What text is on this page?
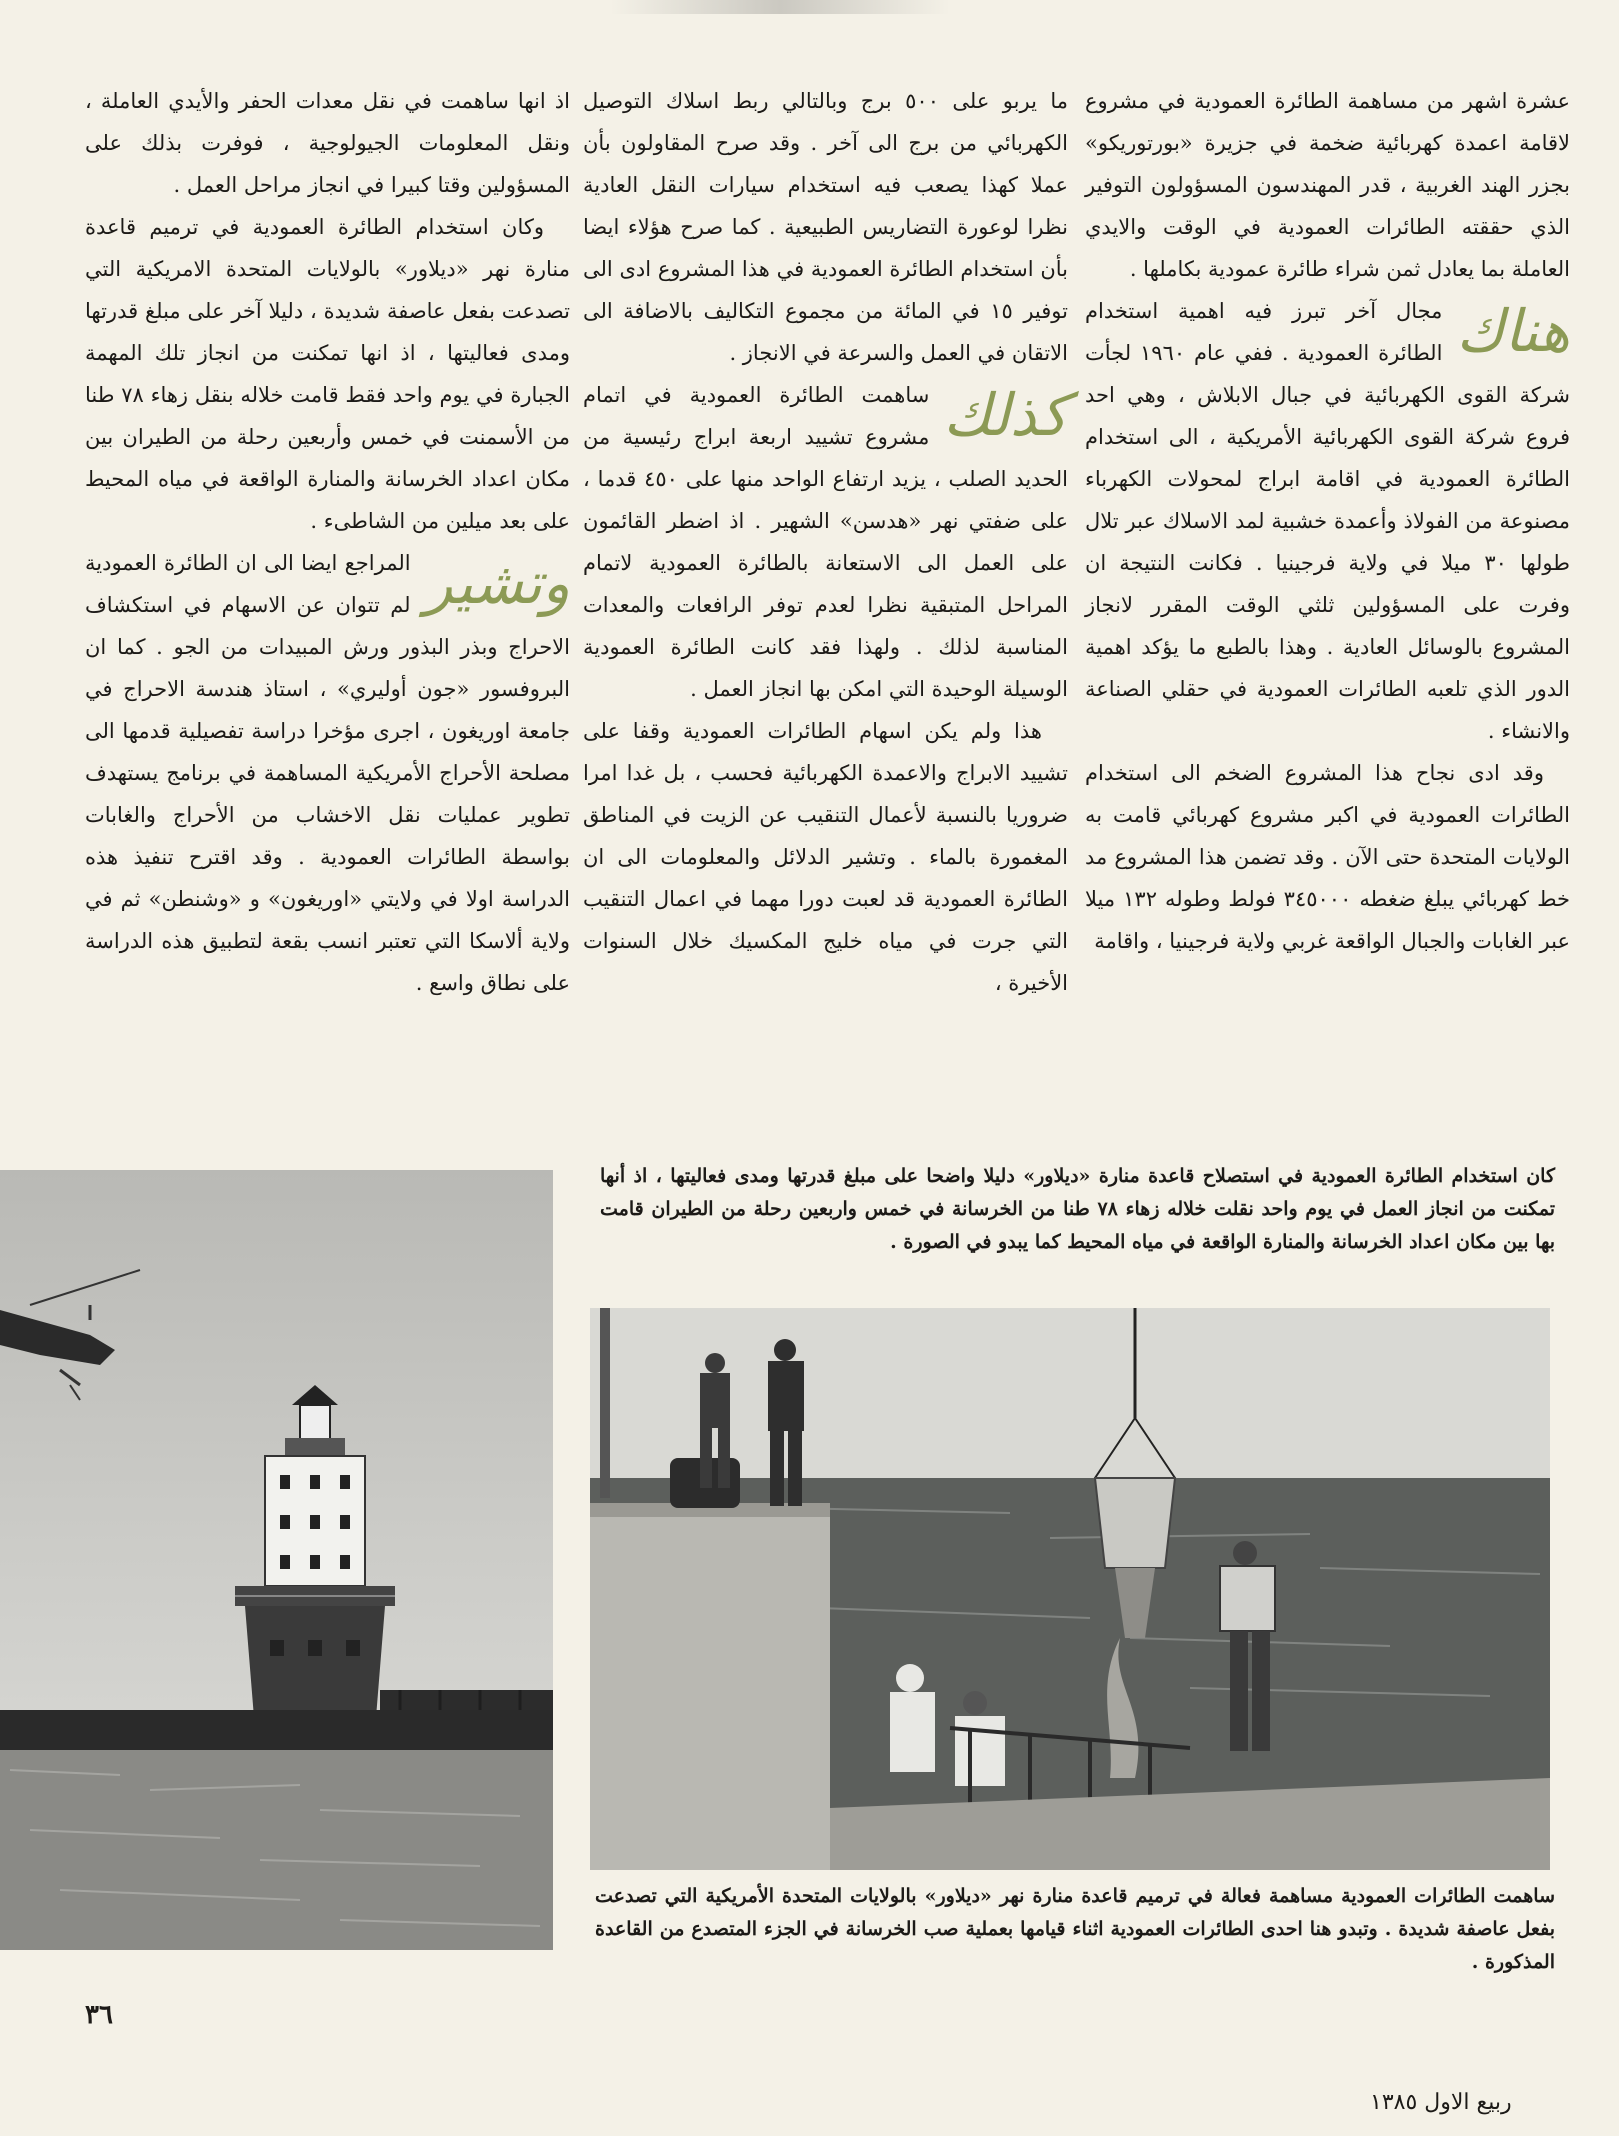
عشرة اشهر من مساهمة الطائرة العمودية في مشروع لاقامة اعمدة كهربائية ضخمة في جزيرة «بورتوريكو» بجزر الهند الغربية ، قدر المهندسون المسؤولون التوفير الذي حققته الطائرات العمودية في الوقت والايدي العاملة بما يعادل ثمن شراء طائرة عمودية بكاملها .

هناك

مجال آخر تبرز فيه اهمية استخدام الطائرة العمودية . ففي عام ١٩٦٠ لجأت شركة القوى الكهربائية في جبال الابلاش ، وهي احد فروع شركة القوى الكهربائية الأمريكية ، الى استخدام الطائرة العمودية في اقامة ابراج لمحولات الكهرباء مصنوعة من الفولاذ وأعمدة خشبية لمد الاسلاك عبر تلال طولها ٣٠ ميلا في ولاية فرجينيا . فكانت النتيجة ان وفرت على المسؤولين ثلثي الوقت المقرر لانجاز المشروع بالوسائل العادية . وهذا بالطبع ما يؤكد اهمية الدور الذي تلعبه الطائرات العمودية في حقلي الصناعة والانشاء .

وقد ادى نجاح هذا المشروع الضخم الى استخدام الطائرات العمودية في اكبر مشروع كهربائي قامت به الولايات المتحدة حتى الآن . وقد تضمن هذا المشروع مد خط كهربائي يبلغ ضغطه ٣٤٥٠٠٠ فولط وطوله ١٣٢ ميلا عبر الغابات والجبال الواقعة غربي ولاية فرجينيا ، واقامة

ما يربو على ٥٠٠ برج وبالتالي ربط اسلاك التوصيل الكهربائي من برج الى آخر . وقد صرح المقاولون بأن عملا كهذا يصعب فيه استخدام سيارات النقل العادية نظرا لوعورة التضاريس الطبيعية . كما صرح هؤلاء ايضا بأن استخدام الطائرة العمودية في هذا المشروع ادى الى توفير ١٥ في المائة من مجموع التكاليف بالاضافة الى الاتقان في العمل والسرعة في الانجاز .

كذلك

ساهمت الطائرة العمودية في اتمام مشروع تشييد اربعة ابراج رئيسية من الحديد الصلب ، يزيد ارتفاع الواحد منها على ٤٥٠ قدما ، على ضفتي نهر «هدسن» الشهير . اذ اضطر القائمون على العمل الى الاستعانة بالطائرة العمودية لاتمام المراحل المتبقية نظرا لعدم توفر الرافعات والمعدات المناسبة لذلك . ولهذا فقد كانت الطائرة العمودية الوسيلة الوحيدة التي امكن بها انجاز العمل .

هذا ولم يكن اسهام الطائرات العمودية وقفا على تشييد الابراج والاعمدة الكهربائية فحسب ، بل غدا امرا ضروريا بالنسبة لأعمال التنقيب عن الزيت في المناطق المغمورة بالماء . وتشير الدلائل والمعلومات الى ان الطائرة العمودية قد لعبت دورا مهما في اعمال التنقيب التي جرت في مياه خليج المكسيك خلال السنوات الأخيرة ،

اذ انها ساهمت في نقل معدات الحفر والأيدي العاملة ، ونقل المعلومات الجيولوجية ، فوفرت بذلك على المسؤولين وقتا كبيرا في انجاز مراحل العمل .

وكان استخدام الطائرة العمودية في ترميم قاعدة منارة نهر «ديلاور» بالولايات المتحدة الامريكية التي تصدعت بفعل عاصفة شديدة ، دليلا آخر على مبلغ قدرتها ومدى فعاليتها ، اذ انها تمكنت من انجاز تلك المهمة الجبارة في يوم واحد فقط قامت خلاله بنقل زهاء ٧٨ طنا من الأسمنت في خمس وأربعين رحلة من الطيران بين مكان اعداد الخرسانة والمنارة الواقعة في مياه المحيط على بعد ميلين من الشاطىء .

وتشير

المراجع ايضا الى ان الطائرة العمودية لم تتوان عن الاسهام في استكشاف الاحراج وبذر البذور ورش المبيدات من الجو . كما ان البروفسور «جون أوليري» ، استاذ هندسة الاحراج في جامعة اوريغون ، اجرى مؤخرا دراسة تفصيلية قدمها الى مصلحة الأحراج الأمريكية المساهمة في برنامج يستهدف تطوير عمليات نقل الاخشاب من الأحراج والغابات بواسطة الطائرات العمودية . وقد اقترح تنفيذ هذه الدراسة اولا في ولايتي «اوريغون» و «وشنطن» ثم في ولاية ألاسكا التي تعتبر انسب بقعة لتطبيق هذه الدراسة على نطاق واسع .

كان استخدام الطائرة العمودية في استصلاح قاعدة منارة «ديلاور» دليلا واضحا على مبلغ قدرتها ومدى فعاليتها ، اذ أنها تمكنت من انجاز العمل في يوم واحد نقلت خلاله زهاء ٧٨ طنا من الخرسانة في خمس واربعين رحلة من الطيران قامت بها بين مكان اعداد الخرسانة والمنارة الواقعة في مياه المحيط كما يبدو في الصورة .
ساهمت الطائرات العمودية مساهمة فعالة في ترميم قاعدة منارة نهر «ديلاور» بالولايات المتحدة الأمريكية التي تصدعت بفعل عاصفة شديدة . وتبدو هنا احدى الطائرات العمودية اثناء قيامها بعملية صب الخرسانة في الجزء المتصدع من القاعدة المذكورة .
٣٦
ربيع الاول ١٣٨٥
